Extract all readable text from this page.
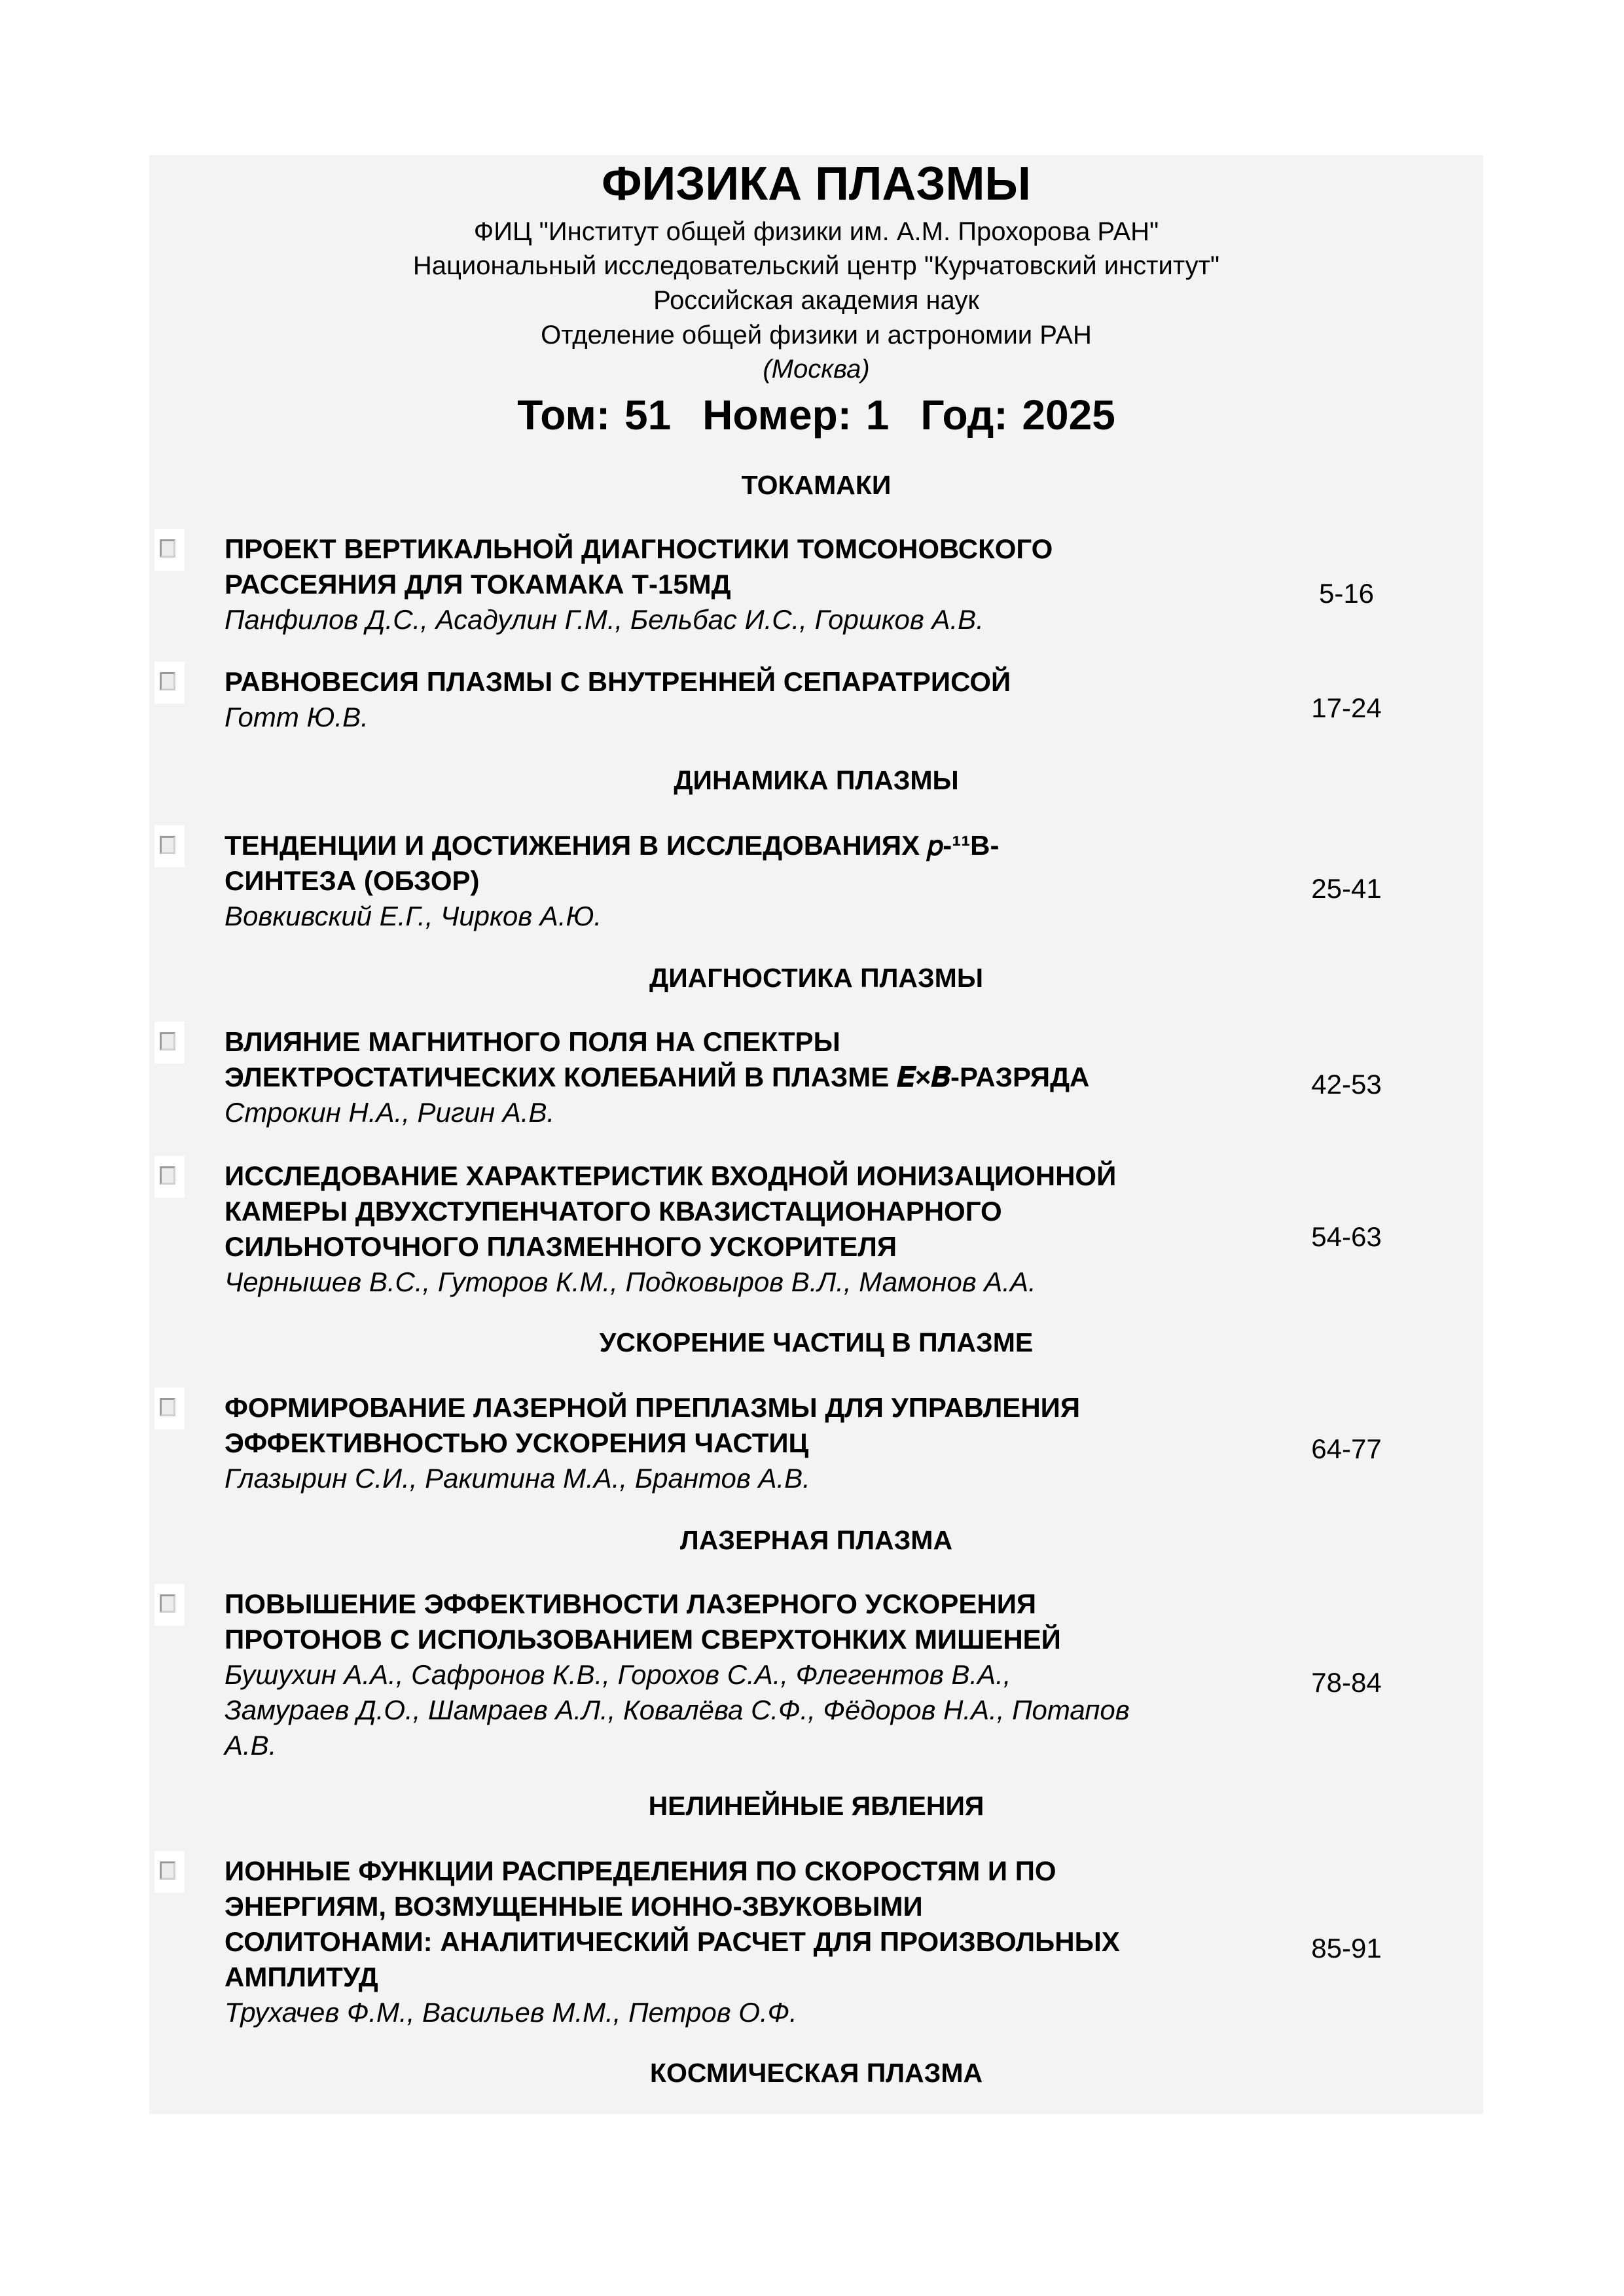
ФИЗИКА ПЛАЗМЫ
ФИЦ "Институт общей физики им. А.М. Прохорова РАН"
Национальный исследовательский центр "Курчатовский институт"
Российская академия наук
Отделение общей физики и астрономии РАН
(Москва)
Том: 51 Номер: 1 Год: 2025
ТОКАМАКИ
ПРОЕКТ ВЕРТИКАЛЬНОЙ ДИАГНОСТИКИ ТОМСОНОВСКОГО
РАССЕЯНИЯ ДЛЯ ТОКАМАКА Т-15МД
Панфилов Д.С., Асадулин Г.М., Бельбас И.С., Горшков А.В.
5-16
РАВНОВЕСИЯ ПЛАЗМЫ С ВНУТРЕННЕЙ СЕПАРАТРИСОЙ
Готт Ю.В.	17-24
ДИНАМИКА ПЛАЗМЫ
ТЕНДЕНЦИИ И ДОСТИЖЕНИЯ В ИССЛЕДОВАНИЯХ 𝑝-¹¹B-
СИНТЕЗА (ОБЗОР)
Вовкивский Е.Г., Чирков А.Ю.
25-41
ДИАГНОСТИКА ПЛАЗМЫ
ВЛИЯНИЕ МАГНИТНОГО ПОЛЯ НА СПЕКТРЫ
ЭЛЕКТРОСТАТИЧЕСКИХ КОЛЕБАНИЙ В ПЛАЗМЕ 𝑬×𝑩-РАЗРЯДА
Строкин Н.А., Ригин А.В.
42-53
ИССЛЕДОВАНИЕ ХАРАКТЕРИСТИК ВХОДНОЙ ИОНИЗАЦИОННОЙ
КАМЕРЫ ДВУХСТУПЕНЧАТОГО КВАЗИСТАЦИОНАРНОГО
СИЛЬНОТОЧНОГО ПЛАЗМЕННОГО УСКОРИТЕЛЯ
Чернышев В.С., Гуторов К.М., Подковыров В.Л., Мамонов А.А.
54-63
УСКОРЕНИЕ ЧАСТИЦ В ПЛАЗМЕ
ФОРМИРОВАНИЕ ЛАЗЕРНОЙ ПРЕПЛАЗМЫ ДЛЯ УПРАВЛЕНИЯ
ЭФФЕКТИВНОСТЬЮ УСКОРЕНИЯ ЧАСТИЦ
Глазырин С.И., Ракитина М.А., Брантов А.В.
64-77
ЛАЗЕРНАЯ ПЛАЗМА
ПОВЫШЕНИЕ ЭФФЕКТИВНОСТИ ЛАЗЕРНОГО УСКОРЕНИЯ
ПРОТОНОВ С ИСПОЛЬЗОВАНИЕМ СВЕРХТОНКИХ МИШЕНЕЙ
Бушухин А.А., Сафронов К.В., Горохов С.А., Флегентов В.А.,
Замураев Д.О., Шамраев А.Л., Ковалёва С.Ф., Фёдоров Н.А., Потапов
А.В.
78-84
НЕЛИНЕЙНЫЕ ЯВЛЕНИЯ
ИОННЫЕ ФУНКЦИИ РАСПРЕДЕЛЕНИЯ ПО СКОРОСТЯМ И ПО
ЭНЕРГИЯМ, ВОЗМУЩЕННЫЕ ИОННО-ЗВУКОВЫМИ
СОЛИТОНАМИ: АНАЛИТИЧЕСКИЙ РАСЧЕТ ДЛЯ ПРОИЗВОЛЬНЫХ
АМПЛИТУД
Трухачев Ф.М., Васильев М.М., Петров О.Ф.
85-91
КОСМИЧЕСКАЯ ПЛАЗМА
